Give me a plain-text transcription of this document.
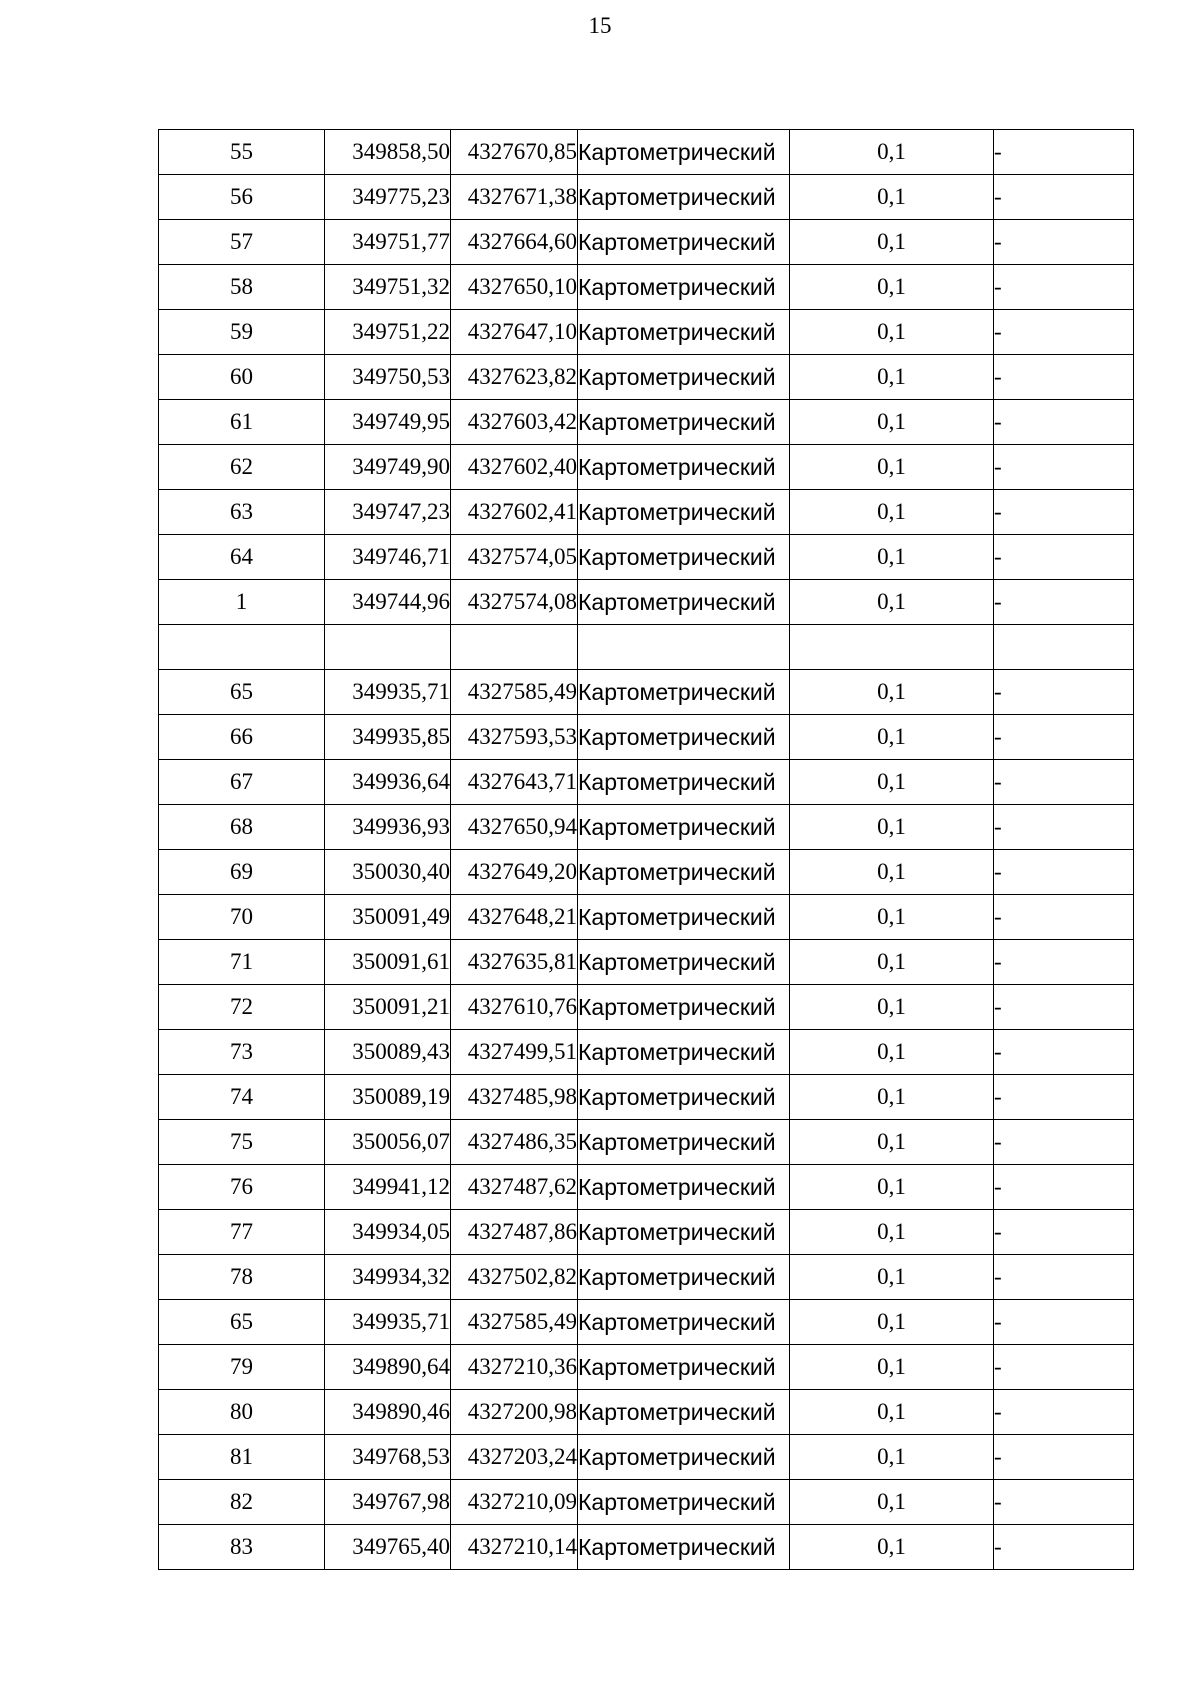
15
55	349858,50	4327670,85	Картометрический	0,1	-
56	349775,23	4327671,38	Картометрический	0,1	-
57	349751,77	4327664,60	Картометрический	0,1	-
58	349751,32	4327650,10	Картометрический	0,1	-
59	349751,22	4327647,10	Картометрический	0,1	-
60	349750,53	4327623,82	Картометрический	0,1	-
61	349749,95	4327603,42	Картометрический	0,1	-
62	349749,90	4327602,40	Картометрический	0,1	-
63	349747,23	4327602,41	Картометрический	0,1	-
64	349746,71	4327574,05	Картометрический	0,1	-
1	349744,96	4327574,08	Картометрический	0,1	-

65	349935,71	4327585,49	Картометрический	0,1	-
66	349935,85	4327593,53	Картометрический	0,1	-
67	349936,64	4327643,71	Картометрический	0,1	-
68	349936,93	4327650,94	Картометрический	0,1	-
69	350030,40	4327649,20	Картометрический	0,1	-
70	350091,49	4327648,21	Картометрический	0,1	-
71	350091,61	4327635,81	Картометрический	0,1	-
72	350091,21	4327610,76	Картометрический	0,1	-
73	350089,43	4327499,51	Картометрический	0,1	-
74	350089,19	4327485,98	Картометрический	0,1	-
75	350056,07	4327486,35	Картометрический	0,1	-
76	349941,12	4327487,62	Картометрический	0,1	-
77	349934,05	4327487,86	Картометрический	0,1	-
78	349934,32	4327502,82	Картометрический	0,1	-
65	349935,71	4327585,49	Картометрический	0,1	-
79	349890,64	4327210,36	Картометрический	0,1	-
80	349890,46	4327200,98	Картометрический	0,1	-
81	349768,53	4327203,24	Картометрический	0,1	-
82	349767,98	4327210,09	Картометрический	0,1	-
83	349765,40	4327210,14	Картометрический	0,1	-
